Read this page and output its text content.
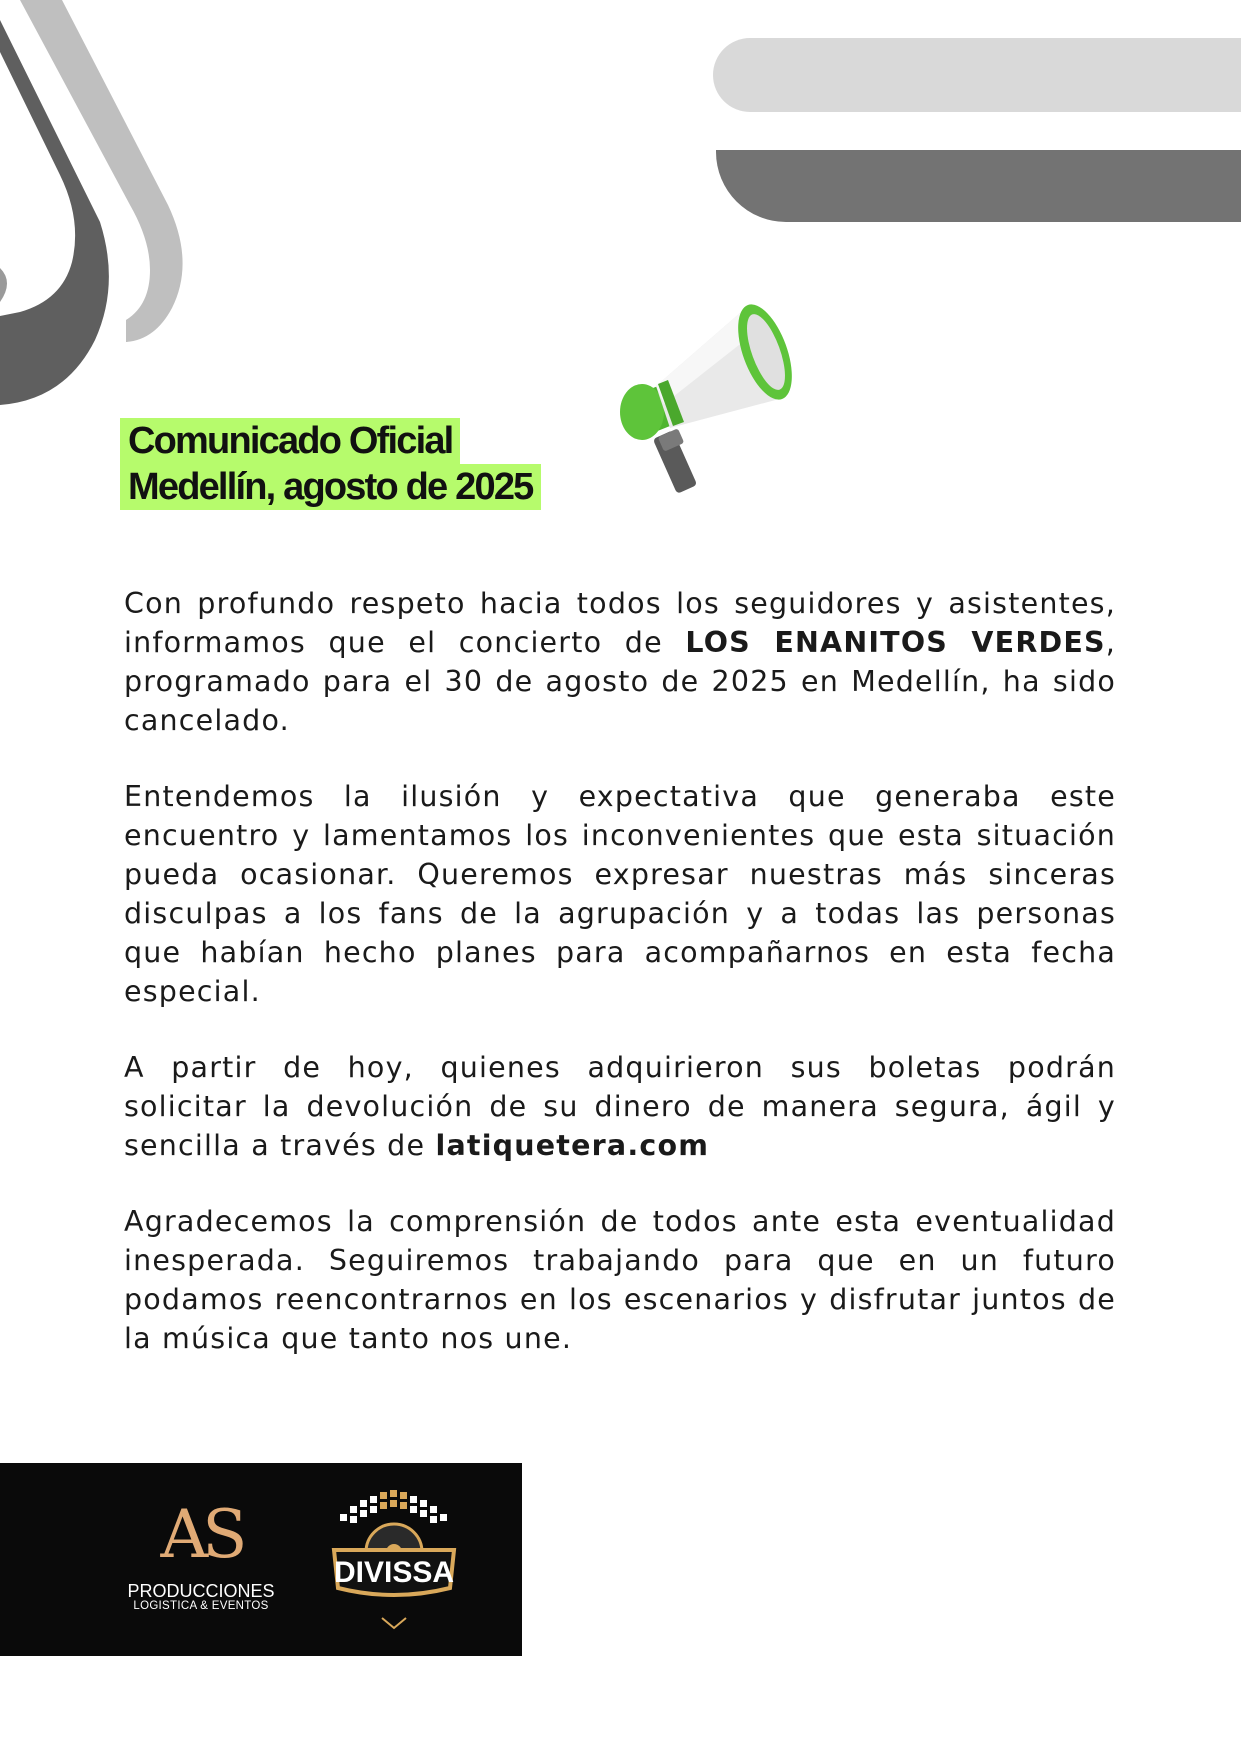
Comunicado Oficial
Medellín, agosto de 2025

Con profundo respeto hacia todos los seguidores y asistentes, informamos que el concierto de LOS ENANITOS VERDES, programado para el 30 de agosto de 2025 en Medellín, ha sido cancelado.

Entendemos la ilusión y expectativa que generaba este encuentro y lamentamos los inconvenientes que esta situación pueda ocasionar. Queremos expresar nuestras más sinceras disculpas a los fans de la agrupación y a todas las personas que habían hecho planes para acompañarnos en esta fecha especial.

A partir de hoy, quienes adquirieron sus boletas podrán solicitar la devolución de su dinero de manera segura, ágil y sencilla a través de latiquetera.com

Agradecemos la comprensión de todos ante esta eventualidad inesperada. Seguiremos trabajando para que en un futuro podamos reencontrarnos en los escenarios y disfrutar juntos de la música que tanto nos une.

AS
PRODUCCIONES
LOGISTICA & EVENTOS
DIVISSA
